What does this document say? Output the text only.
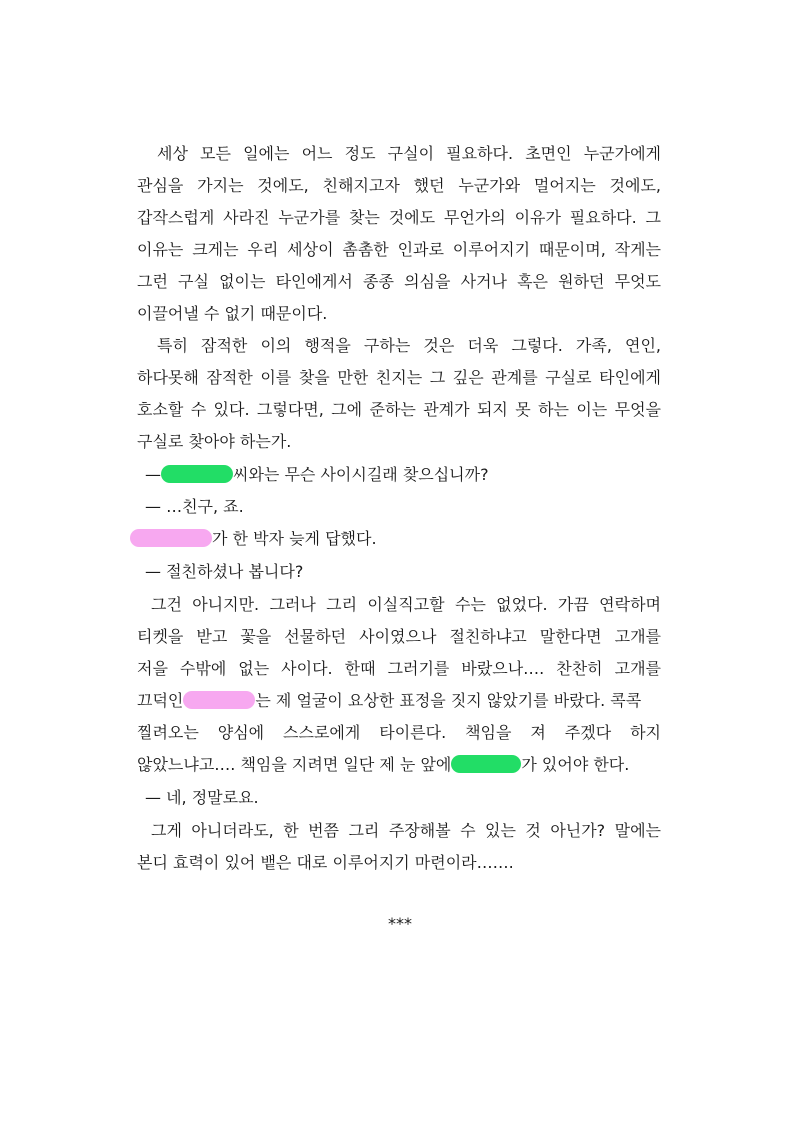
세상 모든 일에는 어느 정도 구실이 필요하다. 초면인 누군가에게
관심을 가지는 것에도, 친해지고자 했던 누군가와 멀어지는 것에도,
갑작스럽게 사라진 누군가를 찾는 것에도 무언가의 이유가 필요하다. 그
이유는 크게는 우리 세상이 촘촘한 인과로 이루어지기 때문이며, 작게는
그런 구실 없이는 타인에게서 종종 의심을 사거나 혹은 원하던 무엇도
이끌어낼 수 없기 때문이다.
특히 잠적한 이의 행적을 구하는 것은 더욱 그렇다. 가족, 연인,
하다못해 잠적한 이를 찾을 만한 친지는 그 깊은 관계를 구실로 타인에게
호소할 수 있다. 그렇다면, 그에 준하는 관계가 되지 못 하는 이는 무엇을
구실로 찾아야 하는가.
—	씨와는 무슨 사이시길래 찾으십니까?
— …친구, 죠.
가 한 박자 늦게 답했다.
— 절친하셨나 봅니다?
그건 아니지만. 그러나 그리 이실직고할 수는 없었다. 가끔 연락하며
티켓을 받고 꽃을 선물하던 사이였으나 절친하냐고 말한다면 고개를
저을 수밖에 없는 사이다. 한때 그러기를 바랐으나…. 찬찬히 고개를
끄덕인	는 제 얼굴이 요상한 표정을 짓지 않았기를 바랐다. 콕콕
찔려오는 양심에 스스로에게 타이른다. 책임을 져 주겠다 하지
않았느냐고…. 책임을 지려면 일단 제 눈 앞에	가 있어야 한다.
— 네, 정말로요.
그게 아니더라도, 한 번쯤 그리 주장해볼 수 있는 것 아닌가? 말에는
본디 효력이 있어 뱉은 대로 이루어지기 마련이라…….
***
